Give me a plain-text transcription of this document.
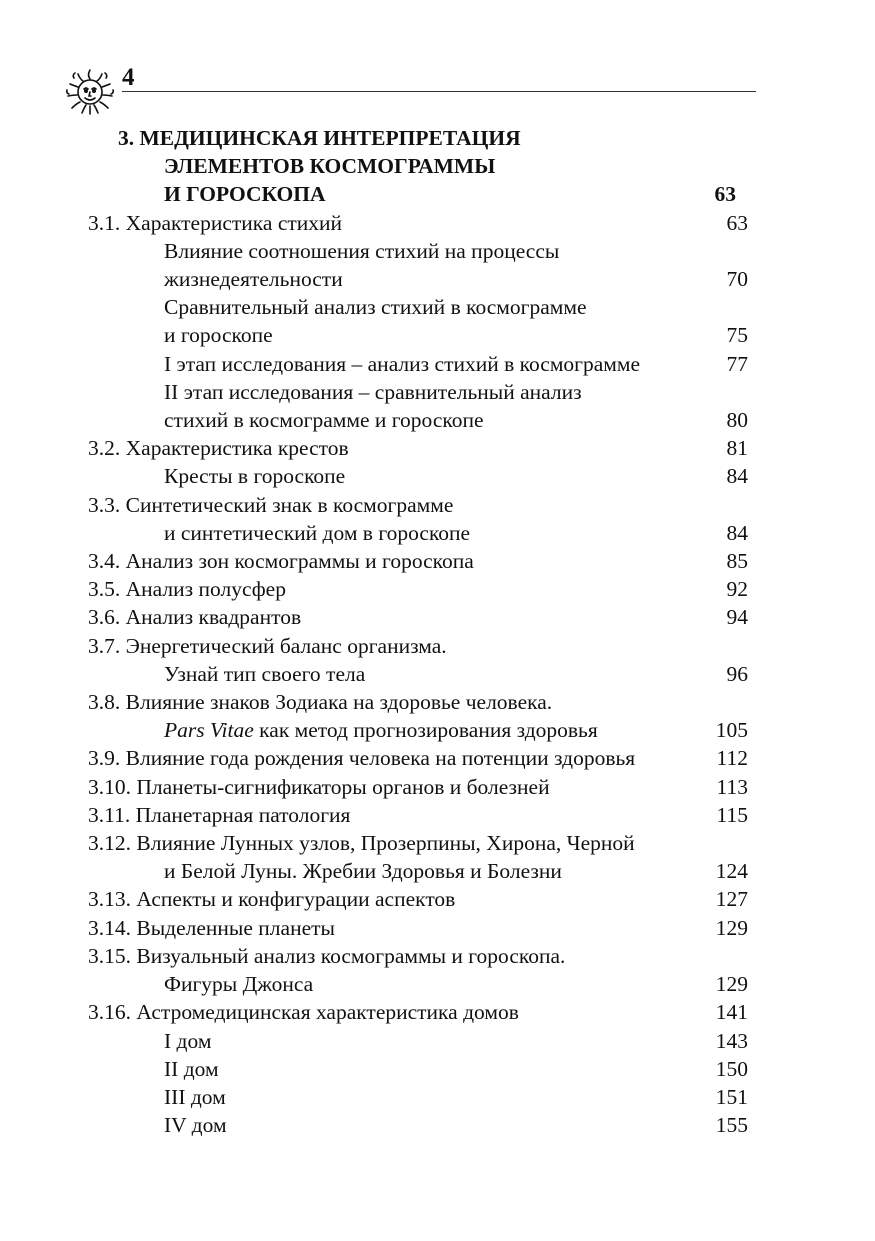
4
3. МЕДИЦИНСКАЯ ИНТЕРПРЕТАЦИЯ
ЭЛЕМЕНТОВ КОСМОГРАММЫ
И ГОРОСКОПА	63
3.1. Характеристика стихий	63
Влияние соотношения стихий на процессы
жизнедеятельности	70
Сравнительный анализ стихий в космограмме
и гороскопе	75
I этап исследования – анализ стихий в космограмме	77
II этап исследования – сравнительный анализ
стихий в космограмме и гороскопе	80
3.2. Характеристика крестов	81
Кресты в гороскопе	84
3.3. Синтетический знак в космограмме
и синтетический дом в гороскопе	84
3.4. Анализ зон космограммы и гороскопа	85
3.5. Анализ полусфер	92
3.6. Анализ квадрантов	94
3.7. Энергетический баланс организма.
Узнай тип своего тела	96
3.8. Влияние знаков Зодиака на здоровье человека.
Pars Vitae как метод прогнозирования здоровья	105
3.9. Влияние года рождения человека на потенции здоровья	112
3.10. Планеты-сигнификаторы органов и болезней	113
3.11. Планетарная патология	115
3.12. Влияние Лунных узлов, Прозерпины, Хирона, Черной
и Белой Луны. Жребии Здоровья и Болезни	124
3.13. Аспекты и конфигурации аспектов	127
3.14. Выделенные планеты	129
3.15. Визуальный анализ космограммы и гороскопа.
Фигуры Джонса	129
3.16. Астромедицинская характеристика домов	141
I дом	143
II дом	150
III дом	151
IV дом	155
